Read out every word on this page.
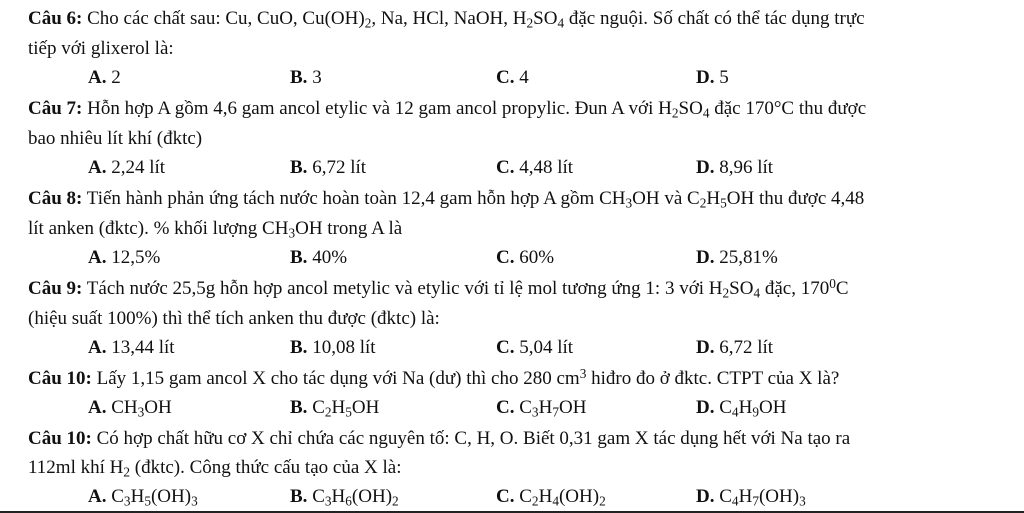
Câu 6: Cho các chất sau: Cu, CuO, $Cu(OH)_2$, Na, HCl, NaOH, $H_2SO_4$ đặc nguội. Số chất có thể tác dụng trực
tiếp với glixerol là:
A. 2	B. 3	C. 4	D. 5
Câu 7: Hỗn hợp A gồm 4,6 gam ancol etylic và 12 gam ancol propylic. Đun A với $H_2SO_4$ đặc 170°C thu được
bao nhiêu lít khí (đktc)
A. 2,24 lít	B. 6,72 lít	C. 4,48 lít	D. 8,96 lít
Câu 8: Tiến hành phản ứng tách nước hoàn toàn 12,4 gam hỗn hợp A gồm $CH_3OH$ và $C_2H_5OH$ thu được 4,48
lít anken (đktc). % khối lượng $CH_3OH$ trong A là
A. 12,5%	B. 40%	C. 60%	D. 25,81%
Câu 9: Tách nước 25,5g hỗn hợp ancol metylic và etylic với tỉ lệ mol tương ứng 1: 3 với $H_2SO_4$ đặc, $170^0C$
(hiệu suất 100%) thì thể tích anken thu được (đktc) là:
A. 13,44 lít	B. 10,08 lít	C. 5,04 lít	D. 6,72 lít
Câu 10: Lấy 1,15 gam ancol X cho tác dụng với Na (dư) thì cho 280 $cm^3$ hiđro đo ở đktc. CTPT của X là?
A. $CH_3OH$	B. $C_2H_5OH$	C. $C_3H_7OH$	D. $C_4H_9OH$
Câu 10: Có hợp chất hữu cơ X chỉ chứa các nguyên tố: C, H, O. Biết 0,31 gam X tác dụng hết với Na tạo ra
112ml khí $H_2$ (đktc). Công thức cấu tạo của X là:
A. $C_3H_5(OH)_3$	B. $C_3H_6(OH)_2$	C. $C_2H_4(OH)_2$	D. $C_4H_7(OH)_3$
